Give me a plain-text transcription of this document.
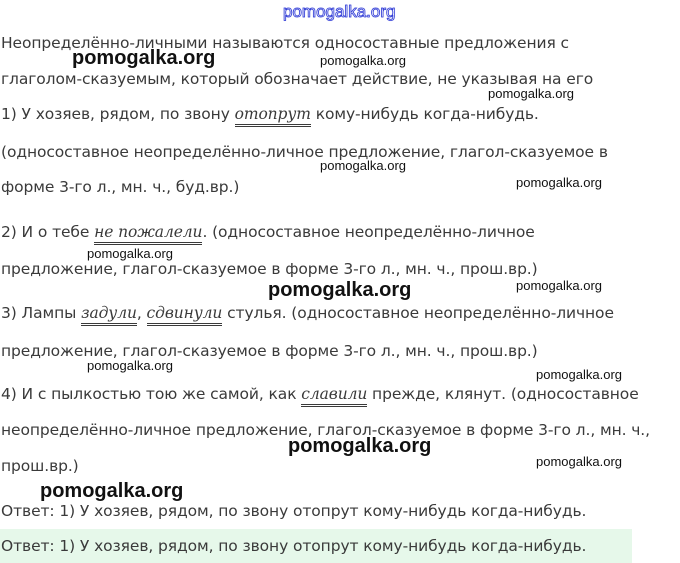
pomogalka.org
Неопределённо-личными называются односоставные предложения с
глаголом-сказуемым, который обозначает действие, не указывая на его
1) У хозяев, рядом, по звону отопрут кому-нибудь когда-нибудь.
(односоставное неопределённо-личное предложение, глагол-сказуемое в
форме 3-го л., мн. ч., буд.вр.)
2) И о тебе не пожалели. (односоставное неопределённо-личное
предложение, глагол-сказуемое в форме 3-го л., мн. ч., прош.вр.)
3) Лампы задули, сдвинули стулья. (односоставное неопределённо-личное
предложение, глагол-сказуемое в форме 3-го л., мн. ч., прош.вр.)
4) И с пылкостью тою же самой, как славили прежде, клянут. (односоставное
неопределённо-личное предложение, глагол-сказуемое в форме 3-го л., мн. ч.,
прош.вр.)
Ответ: 1) У хозяев, рядом, по звону отопрут кому-нибудь когда-нибудь.
Ответ: 1) У хозяев, рядом, по звону отопрут кому-нибудь когда-нибудь.
pomogalka.org	pomogalka.org
pomogalka.org
pomogalka.org
pomogalka.org
pomogalka.org
pomogalka.org	pomogalka.org
pomogalka.org
pomogalka.org
pomogalka.org
pomogalka.org
pomogalka.org
